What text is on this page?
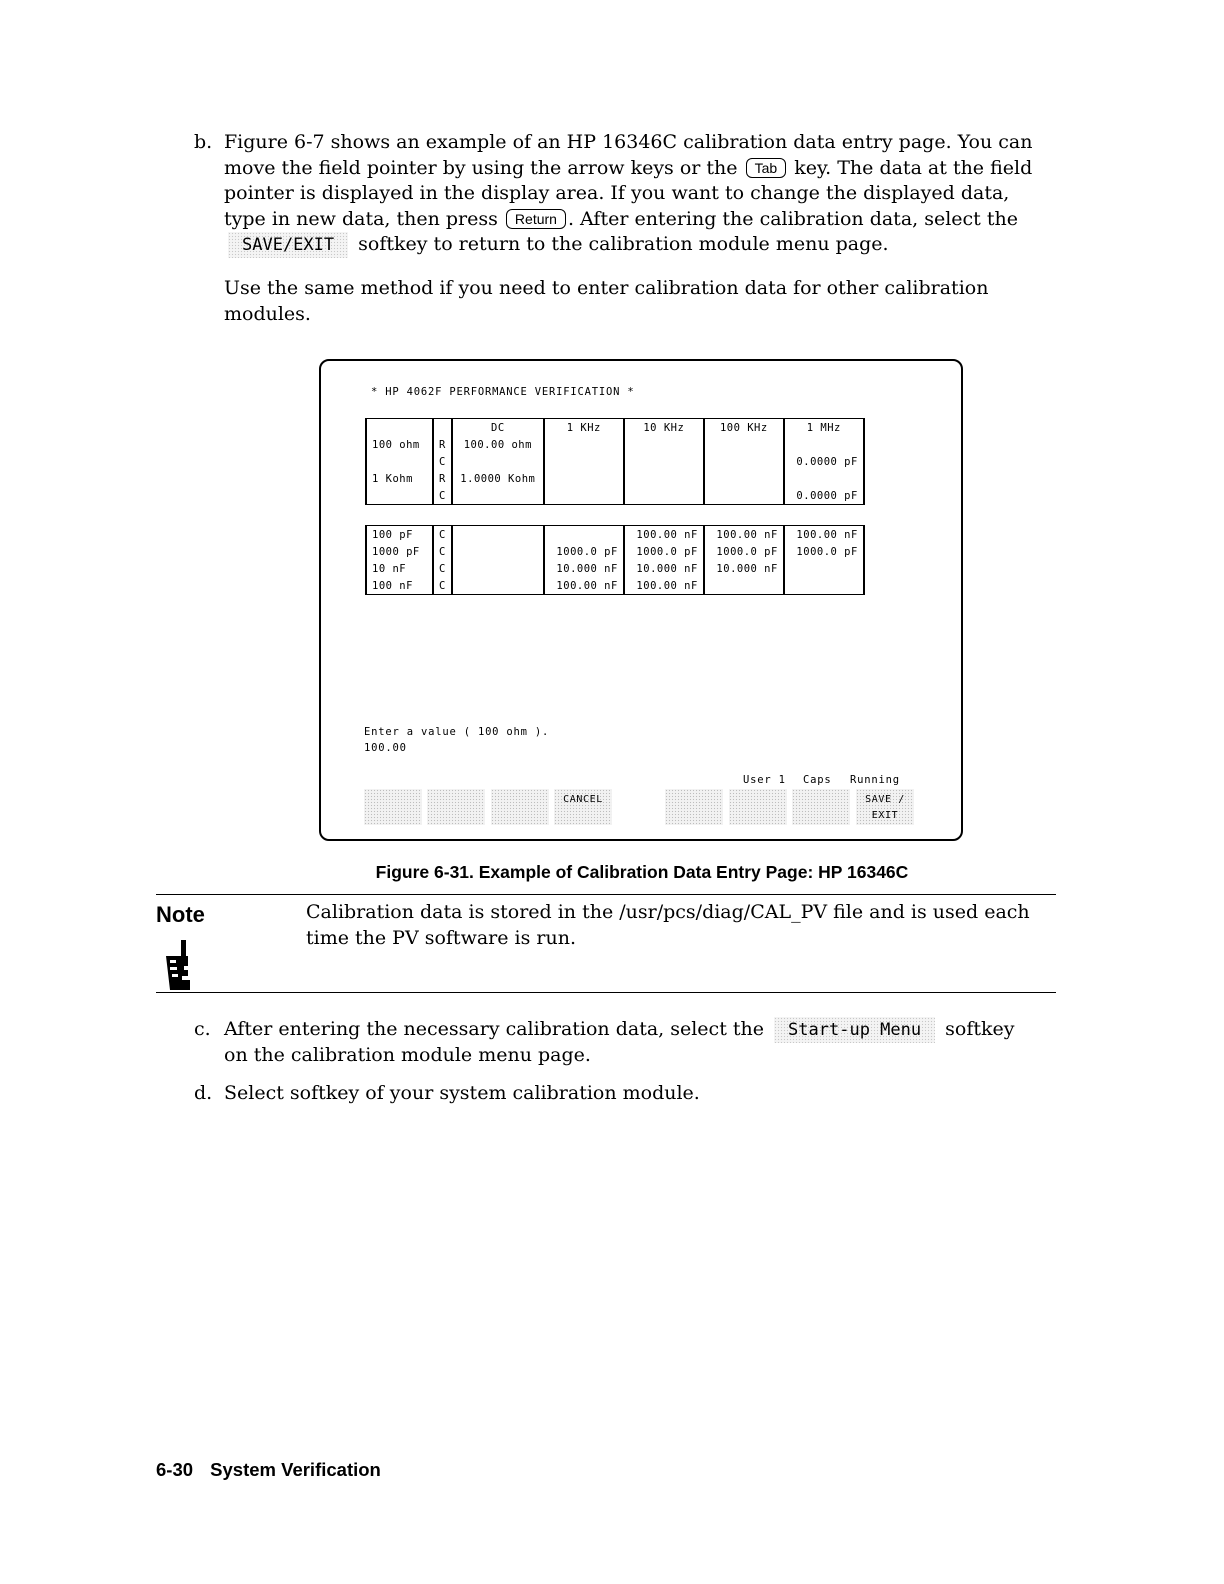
b. Figure 6-7 shows an example of an HP 16346C calibration data entry page. You can move the field pointer by using the arrow keys or the Tab key. The data at the field pointer is displayed in the display area. If you want to change the displayed data, type in new data, then press Return . After entering the calibration data, select the SAVE/EXIT softkey to return to the calibration module menu page.
Use the same method if you need to enter calibration data for other calibration modules.
* HP 4062F PERFORMANCE VERIFICATION *
		DC	1 KHz	10 KHz	100 KHz	1 MHz
100 ohm	R	100.00 ohm				
	C					0.0000 pF
1 Kohm	R	1.0000 Kohm				
	C					0.0000 pF
100 pF	C			100.00 nF	100.00 nF	100.00 nF
1000 pF	C		1000.0 pF	1000.0 pF	1000.0 pF	1000.0 pF
10 nF	C		10.000 nF	10.000 nF	10.000 nF	
100 nF	C		100.00 nF	100.00 nF		
Enter a value ( 100 ohm ).
100.00
User 1 Caps Running
CANCEL	SAVE /
EXIT
Figure 6-31. Example of Calibration Data Entry Page: HP 16346C
Note	Calibration data is stored in the /usr/pcs/diag/CAL_PV file and is used each time the PV software is run.
c. After entering the necessary calibration data, select the Start-up Menu softkey on the calibration module menu page.
d. Select softkey of your system calibration module.
6-30 System Verification
